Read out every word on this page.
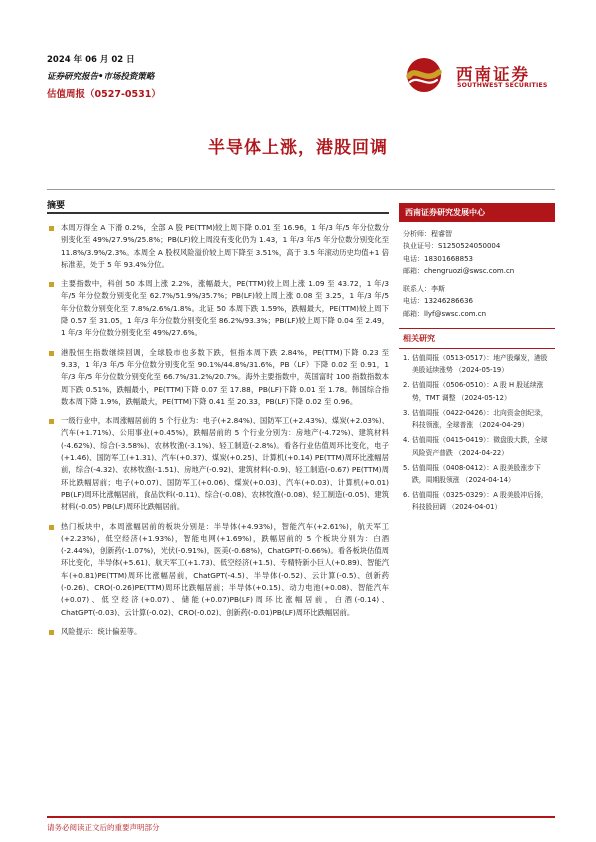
2024 年 06 月 02 日
证券研究报告•市场投资策略
估值周报（0527-0531）
西南证券
SOUTHWEST SECURITIES
半导体上涨，港股回调
摘要
本周万得全 A 下滑 0.2%，全部 A 股 PE(TTM)较上周下降 0.01 至 16.96，1 年/3 年/5 年分位数分别变化至 49%/27.9%/25.8%；PB(LF)较上周没有变化仍为 1.43，1 年/3 年/5 年分位数分别变化至 11.8%/3.9%/2.3%。本周全 A 股权风险溢价较上周下降至 3.51%，高于 3.5 年滚动历史均值+1 倍标准差，处于 5 年 93.4%分位。
主要指数中，科创 50 本周上涨 2.2%，涨幅最大，PE(TTM)较上周上涨 1.09 至 43.72，1 年/3 年/5 年分位数分别变化至 62.7%/51.9%/35.7%；PB(LF)较上周上涨 0.08 至 3.25，1 年/3 年/5 年分位数分别变化至 7.8%/2.6%/1.8%。北证 50 本周下跌 1.59%，跌幅最大，PE(TTM)较上周下降 0.57 至 31.05，1 年/3 年分位数分别变化至 86.2%/93.3%；PB(LF)较上周下降 0.04 至 2.49，1 年/3 年分位数分别变化至 49%/27.6%。
港股恒生指数继续回调，全球股市也多数下跌，恒指本周下跌 2.84%，PE(TTM)下降 0.23 至 9.33，1 年/3 年/5 年分位数分别变化至 90.1%/44.8%/31.6%，PB（LF）下降 0.02 至 0.91，1 年/3 年/5 年分位数分别变化至 66.7%/31.2%/20.7%。海外主要指数中，英国富时 100 指数指数本周下跌 0.51%，跌幅最小，PE(TTM)下降 0.07 至 17.88，PB(LF)下降 0.01 至 1.78。韩国综合指数本周下降 1.9%，跌幅最大，PE(TTM)下降 0.41 至 20.33，PB(LF)下降 0.02 至 0.96。
一级行业中，本周涨幅居前的 5 个行业为：电子(+2.84%)、国防军工(+2.43%)、煤炭(+2.03%)、汽车(+1.71%)、公用事业(+0.45%)，跌幅居前的 5 个行业分别为：房地产(-4.72%)、建筑材料(-4.62%)、综合(-3.58%)、农林牧渔(-3.1%)、轻工制造(-2.8%)。看各行业估值周环比变化，电子(+1.46)、国防军工(+1.31)、汽车(+0.37)、煤炭(+0.25)、计算机(+0.14) PE(TTM)周环比涨幅居前，综合(-4.32)、农林牧渔(-1.51)、房地产(-0.92)、建筑材料(-0.9)、轻工制造(-0.67) PE(TTM)周环比跌幅居前；电子(+0.07)、国防军工(+0.06)、煤炭(+0.03)、汽车(+0.03)、计算机(+0.01) PB(LF)周环比涨幅居前，食品饮料(-0.11)、综合(-0.08)、农林牧渔(-0.08)、轻工制造(-0.05)、建筑材料(-0.05) PB(LF)周环比跌幅居前。
热门板块中，本周涨幅居前的板块分别是：半导体(+4.93%)，智能汽车(+2.61%)，航天军工(+2.23%)，低空经济(+1.93%)，智能电网(+1.69%)，跌幅居前的 5 个板块分别为：白酒(-2.44%)，创新药(-1.07%)，光伏(-0.91%)，医美(-0.68%)，ChatGPT(-0.66%)。看各板块估值周环比变化，半导体(+5.61)、航天军工(+1.73)、低空经济(+1.5)、专精特新小巨人(+0.89)、智能汽车(+0.81)PE(TTM)周环比涨幅居前，ChatGPT(-4.5)、半导体(-0.52)、云计算(-0.5)、创新药(-0.26)、CRO(-0.26)PE(TTM)周环比跌幅居前；半导体(+0.15)、动力电池(+0.08)、智能汽车(+0.07)、低空经济(+0.07)、储能(+0.07)PB(LF)周环比涨幅居前，白酒(-0.14)、ChatGPT(-0.03)、云计算(-0.02)、CRO(-0.02)、创新药(-0.01)PB(LF)周环比跌幅居前。
风险提示：统计偏差等。
西南证券研究发展中心
分析师：程睿智
执业证号：S1250524050004
电话：18301668853
邮箱：chengruozi@swsc.com.cn
联系人：李斯
电话：13246286636
邮箱：llyf@swsc.com.cn
相关研究
1. 估值周报（0513-0517）：地产股爆发，港股美股延续涨势 （2024-05-19）
2. 估值周报（0506-0510）：A 股 H 股延续涨势，TMT 调整 （2024-05-12）
3. 估值周报（0422-0426）：北向资金创纪录，科技领涨，全球普涨 （2024-04-29）
4. 估值周报（0415-0419）：微盘股大跌，全球风险资产普跌 （2024-04-22）
5. 估值周报（0408-0412）：A 股美股涨步下跌，周期股领涨 （2024-04-14）
6. 估值周报（0325-0329）：A 股美股冲后扬，科技股回调 （2024-04-01）
请务必阅读正文后的重要声明部分
